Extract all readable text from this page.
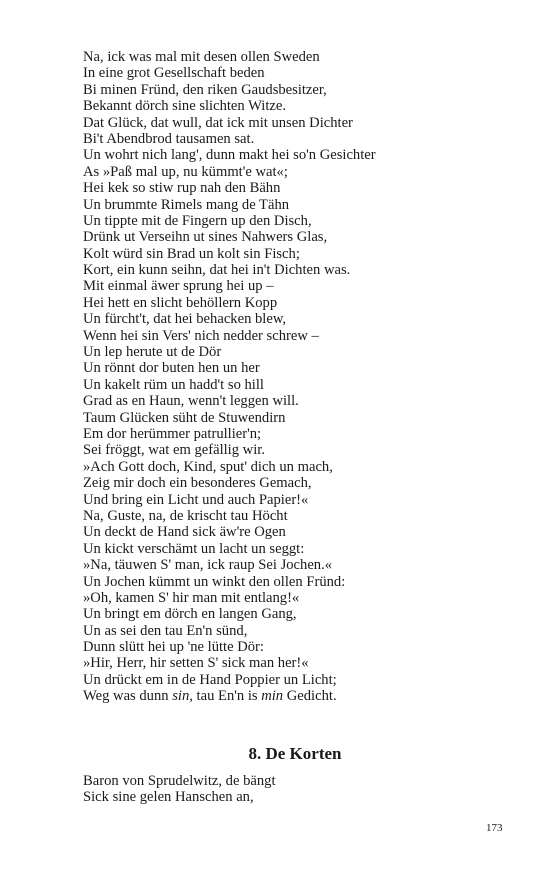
Na, ick was mal mit desen ollen Sweden
In eine grot Gesellschaft beden
Bi minen Fründ, den riken Gaudsbesitzer,
Bekannt dörch sine slichten Witze.
Dat Glück, dat wull, dat ick mit unsen Dichter
Bi't Abendbrod tausamen sat.
Un wohrt nich lang', dunn makt hei so'n Gesichter
As »Paß mal up, nu kümmt'e wat«;
Hei kek so stiw rup nah den Bähn
Un brummte Rimels mang de Tähn
Un tippte mit de Fingern up den Disch,
Drünk ut Verseihn ut sines Nahwers Glas,
Kolt würd sin Brad un kolt sin Fisch;
Kort, ein kunn seihn, dat hei in't Dichten was.
Mit einmal äwer sprung hei up –
Hei hett en slicht behöllern Kopp
Un fürcht't, dat hei behacken blew,
Wenn hei sin Vers' nich nedder schrew –
Un lep herute ut de Dör
Un rönnt dor buten hen un her
Un kakelt rüm un hadd't so hill
Grad as en Haun, wenn't leggen will.
Taum Glücken süht de Stuwendirn
Em dor herümmer patrullier'n;
Sei fröggt, wat em gefällig wir.
»Ach Gott doch, Kind, sput' dich un mach,
Zeig mir doch ein besonderes Gemach,
Und bring ein Licht und auch Papier!«
Na, Guste, na, de krischt tau Höcht
Un deckt de Hand sick äw're Ogen
Un kickt verschämt un lacht un seggt:
»Na, täuwen S' man, ick raup Sei Jochen.«
Un Jochen kümmt un winkt den ollen Fründ:
»Oh, kamen S' hir man mit entlang!«
Un bringt em dörch en langen Gang,
Un as sei den tau En'n sünd,
Dunn slütt hei up 'ne lütte Dör:
»Hir, Herr, hir setten S' sick man her!«
Un drückt em in de Hand Poppier un Licht;
Weg was dunn sin, tau En'n is min Gedicht.
8. De Korten
Baron von Sprudelwitz, de bängt
Sick sine gelen Hanschen an,
173
